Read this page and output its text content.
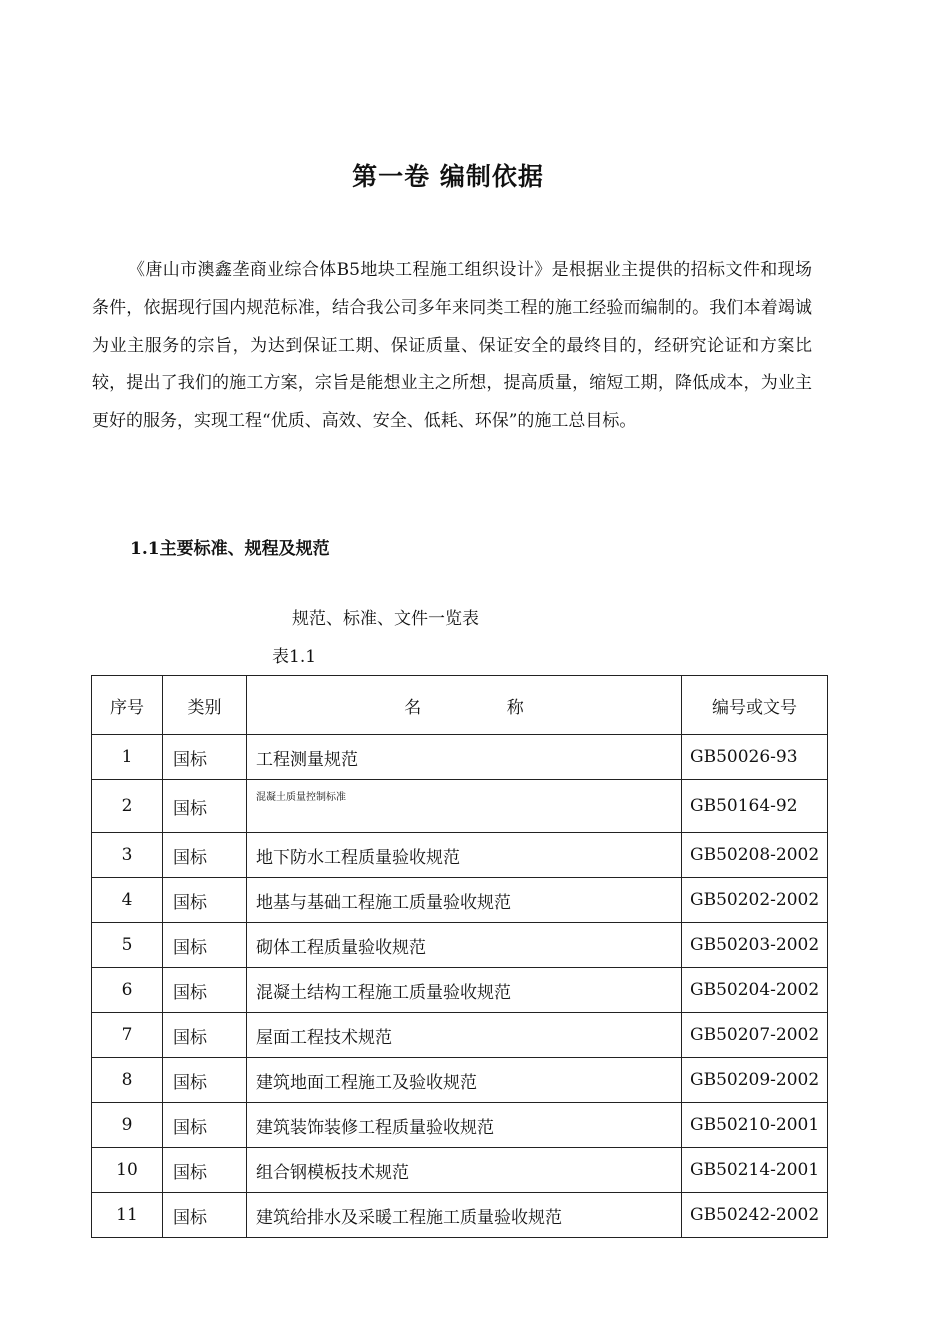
第一卷 编制依据

《唐山市澳鑫垄商业综合体B5地块工程施工组织设计》是根据业主提供的招标文件和现场条件，依据现行国内规范标准，结合我公司多年来同类工程的施工经验而编制的。我们本着竭诚为业主服务的宗旨，为达到保证工期、保证质量、保证安全的最终目的，经研究论证和方案比较，提出了我们的施工方案，宗旨是能想业主之所想，提高质量，缩短工期，降低成本，为业主更好的服务，实现工程“优质、高效、安全、低耗、环保”的施工总目标。

1.1主要标准、规程及规范

规范、标准、文件一览表

表1.1

序号	类别	名 称	编号或文号
1	国标	工程测量规范	GB50026-93
2	国标	混凝土质量控制标准	GB50164-92
3	国标	地下防水工程质量验收规范	GB50208-2002
4	国标	地基与基础工程施工质量验收规范	GB50202-2002
5	国标	砌体工程质量验收规范	GB50203-2002
6	国标	混凝土结构工程施工质量验收规范	GB50204-2002
7	国标	屋面工程技术规范	GB50207-2002
8	国标	建筑地面工程施工及验收规范	GB50209-2002
9	国标	建筑装饰装修工程质量验收规范	GB50210-2001
10	国标	组合钢模板技术规范	GB50214-2001
11	国标	建筑给排水及采暖工程施工质量验收规范	GB50242-2002
